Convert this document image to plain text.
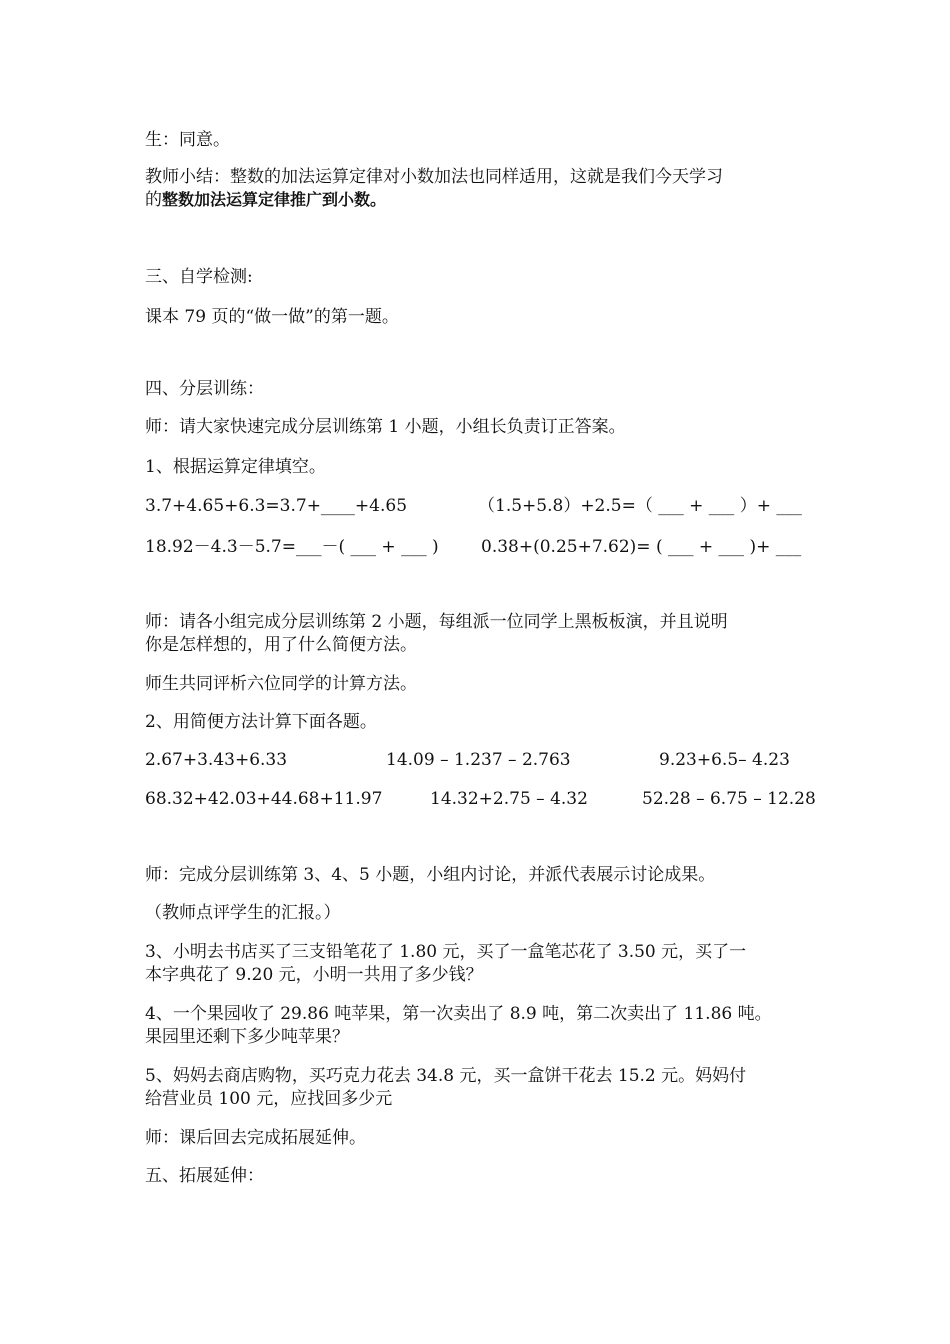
生：同意。
教师小结：整数的加法运算定律对小数加法也同样适用，这就是我们今天学习
的整数加法运算定律推广到小数。
三、自学检测:
课本 79 页的“做一做”的第一题。
四、分层训练：
师：请大家快速完成分层训练第 1 小题，小组长负责订正答案。
1、根据运算定律填空。
3.7+4.65+6.3=3.7+____+4.65	（1.5+5.8）+2.5=（ ___ + ___ ）+ ___
18.92－4.3－5.7=___－( ___ + ___ ) 0.38+(0.25+7.62)= ( ___ + ___ )+ ___
师：请各小组完成分层训练第 2 小题，每组派一位同学上黑板板演，并且说明
你是怎样想的，用了什么简便方法。
师生共同评析六位同学的计算方法。
2、用简便方法计算下面各题。
2.67+3.43+6.33	14.09 – 1.237 – 2.763	9.23+6.5– 4.23
68.32+42.03+44.68+11.97	14.32+2.75 – 4.32	52.28 – 6.75 – 12.28
师：完成分层训练第 3、4、5 小题，小组内讨论，并派代表展示讨论成果。
（教师点评学生的汇报。）
3、小明去书店买了三支铅笔花了 1.80 元，买了一盒笔芯花了 3.50 元，买了一
本字典花了 9.20 元，小明一共用了多少钱？
4、一个果园收了 29.86 吨苹果，第一次卖出了 8.9 吨，第二次卖出了 11.86 吨。
果园里还剩下多少吨苹果？
5、妈妈去商店购物，买巧克力花去 34.8 元，买一盒饼干花去 15.2 元。妈妈付
给营业员 100 元，应找回多少元
师：课后回去完成拓展延伸。
五、拓展延伸：
